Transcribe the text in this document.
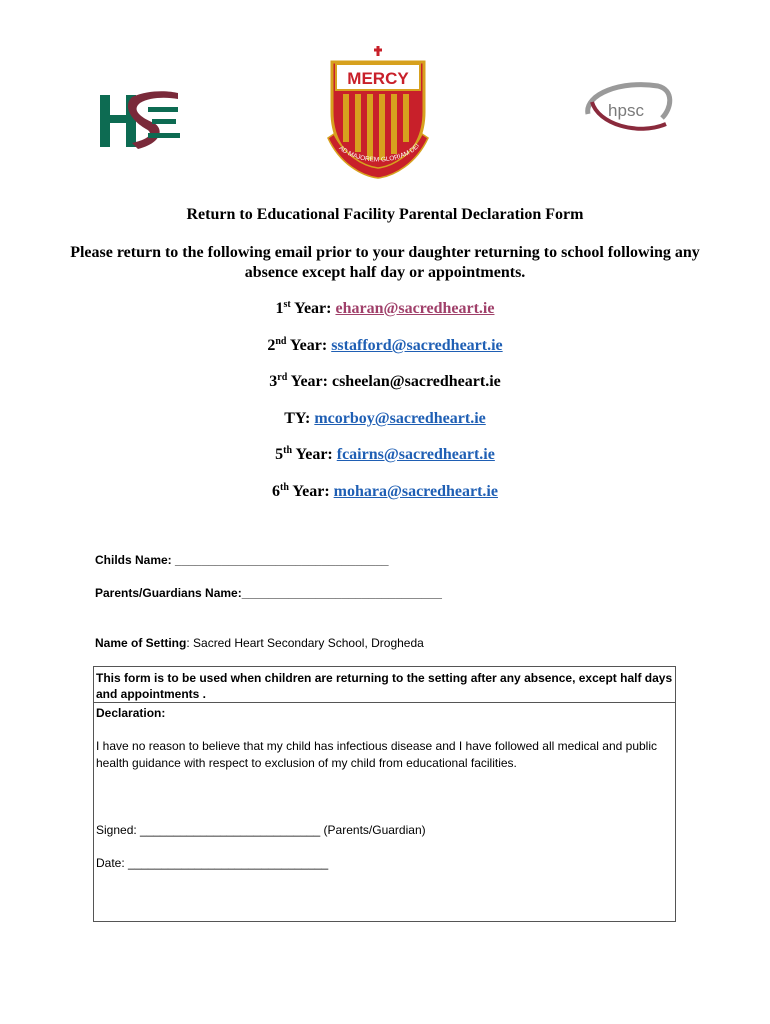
MERCY
AD MAJOREM GLORIAM DEI
hpsc
Return to Educational Facility Parental Declaration Form
Please return to the following email prior to your daughter returning to school following any absence except half day or appointments.
1st Year: eharan@sacredheart.ie
2nd Year: sstafford@sacredheart.ie
3rd Year: csheelan@sacredheart.ie
TY: mcorboy@sacredheart.ie
5th Year: fcairns@sacredheart.ie
6th Year: mohara@sacredheart.ie
Childs Name: ________________________________
Parents/Guardians Name:______________________________
Name of Setting: Sacred Heart Secondary School, Drogheda
This form is to be used when children are returning to the setting after any absence, except half days and appointments .
Declaration:
I have no reason to believe that my child has infectious disease and I have followed all medical and public health guidance with respect to exclusion of my child from educational facilities.
Signed: ___________________________ (Parents/Guardian)
Date: ______________________________
